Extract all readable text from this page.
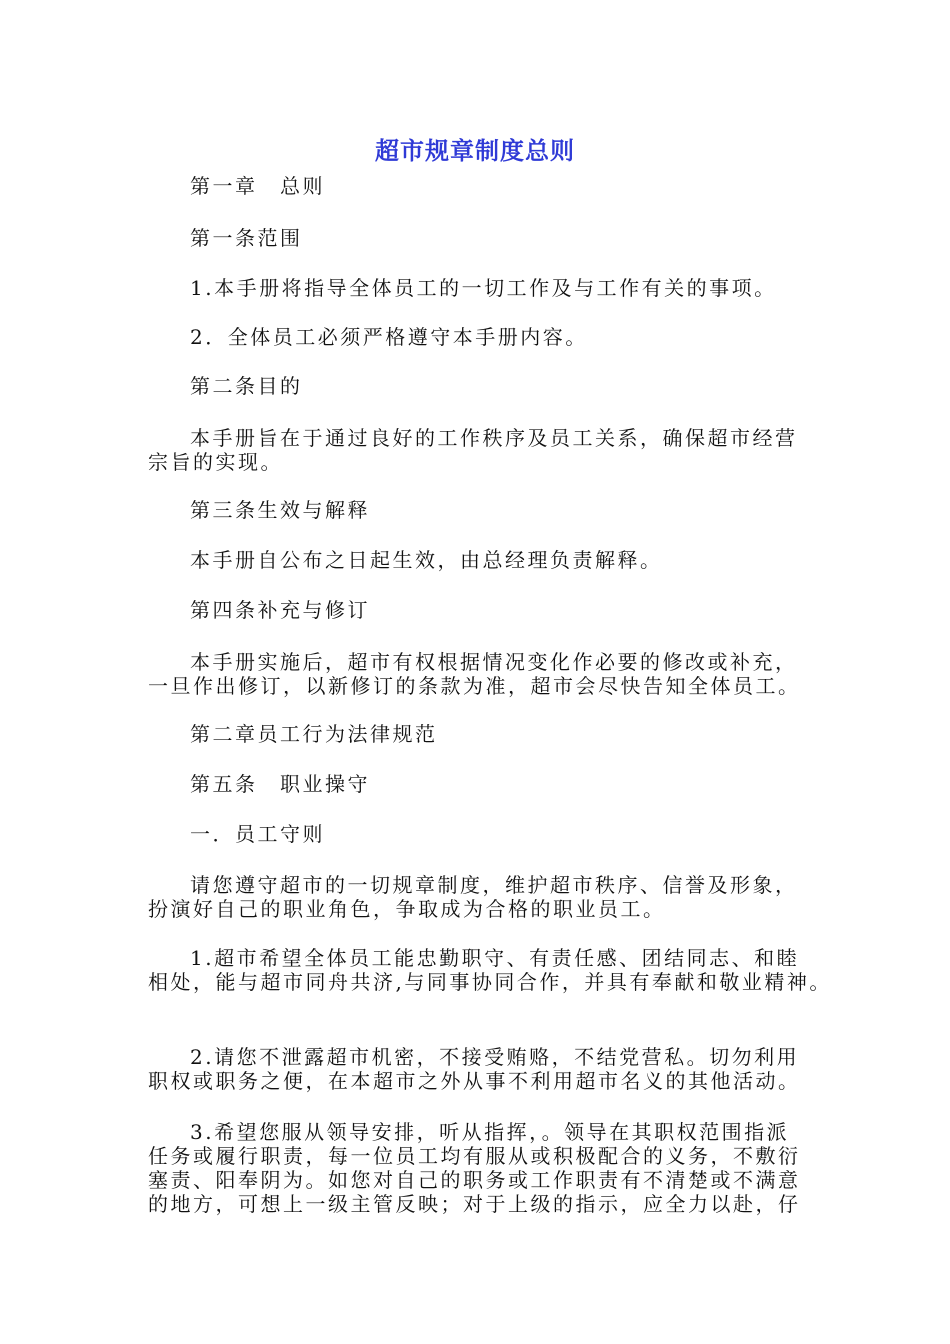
超市规章制度总则
第一章　总则
第一条范围
1.本手册将指导全体员工的一切工作及与工作有关的事项。
2．全体员工必须严格遵守本手册内容。
第二条目的
本手册旨在于通过良好的工作秩序及员工关系，确保超市经营
宗旨的实现。
第三条生效与解释
本手册自公布之日起生效，由总经理负责解释。
第四条补充与修订
本手册实施后，超市有权根据情况变化作必要的修改或补充，
一旦作出修订，以新修订的条款为准，超市会尽快告知全体员工。
第二章员工行为法律规范
第五条　职业操守
一．员工守则
请您遵守超市的一切规章制度，维护超市秩序、信誉及形象，
扮演好自己的职业角色，争取成为合格的职业员工。
1.超市希望全体员工能忠勤职守、有责任感、团结同志、和睦
相处，能与超市同舟共济,与同事协同合作，并具有奉献和敬业精神。
2.请您不泄露超市机密，不接受贿赂，不结党营私。切勿利用
职权或职务之便，在本超市之外从事不利用超市名义的其他活动。
3.希望您服从领导安排，听从指挥，。领导在其职权范围指派
任务或履行职责，每一位员工均有服从或积极配合的义务，不敷衍
塞责、阳奉阴为。如您对自己的职务或工作职责有不清楚或不满意
的地方，可想上一级主管反映；对于上级的指示，应全力以赴，仔
